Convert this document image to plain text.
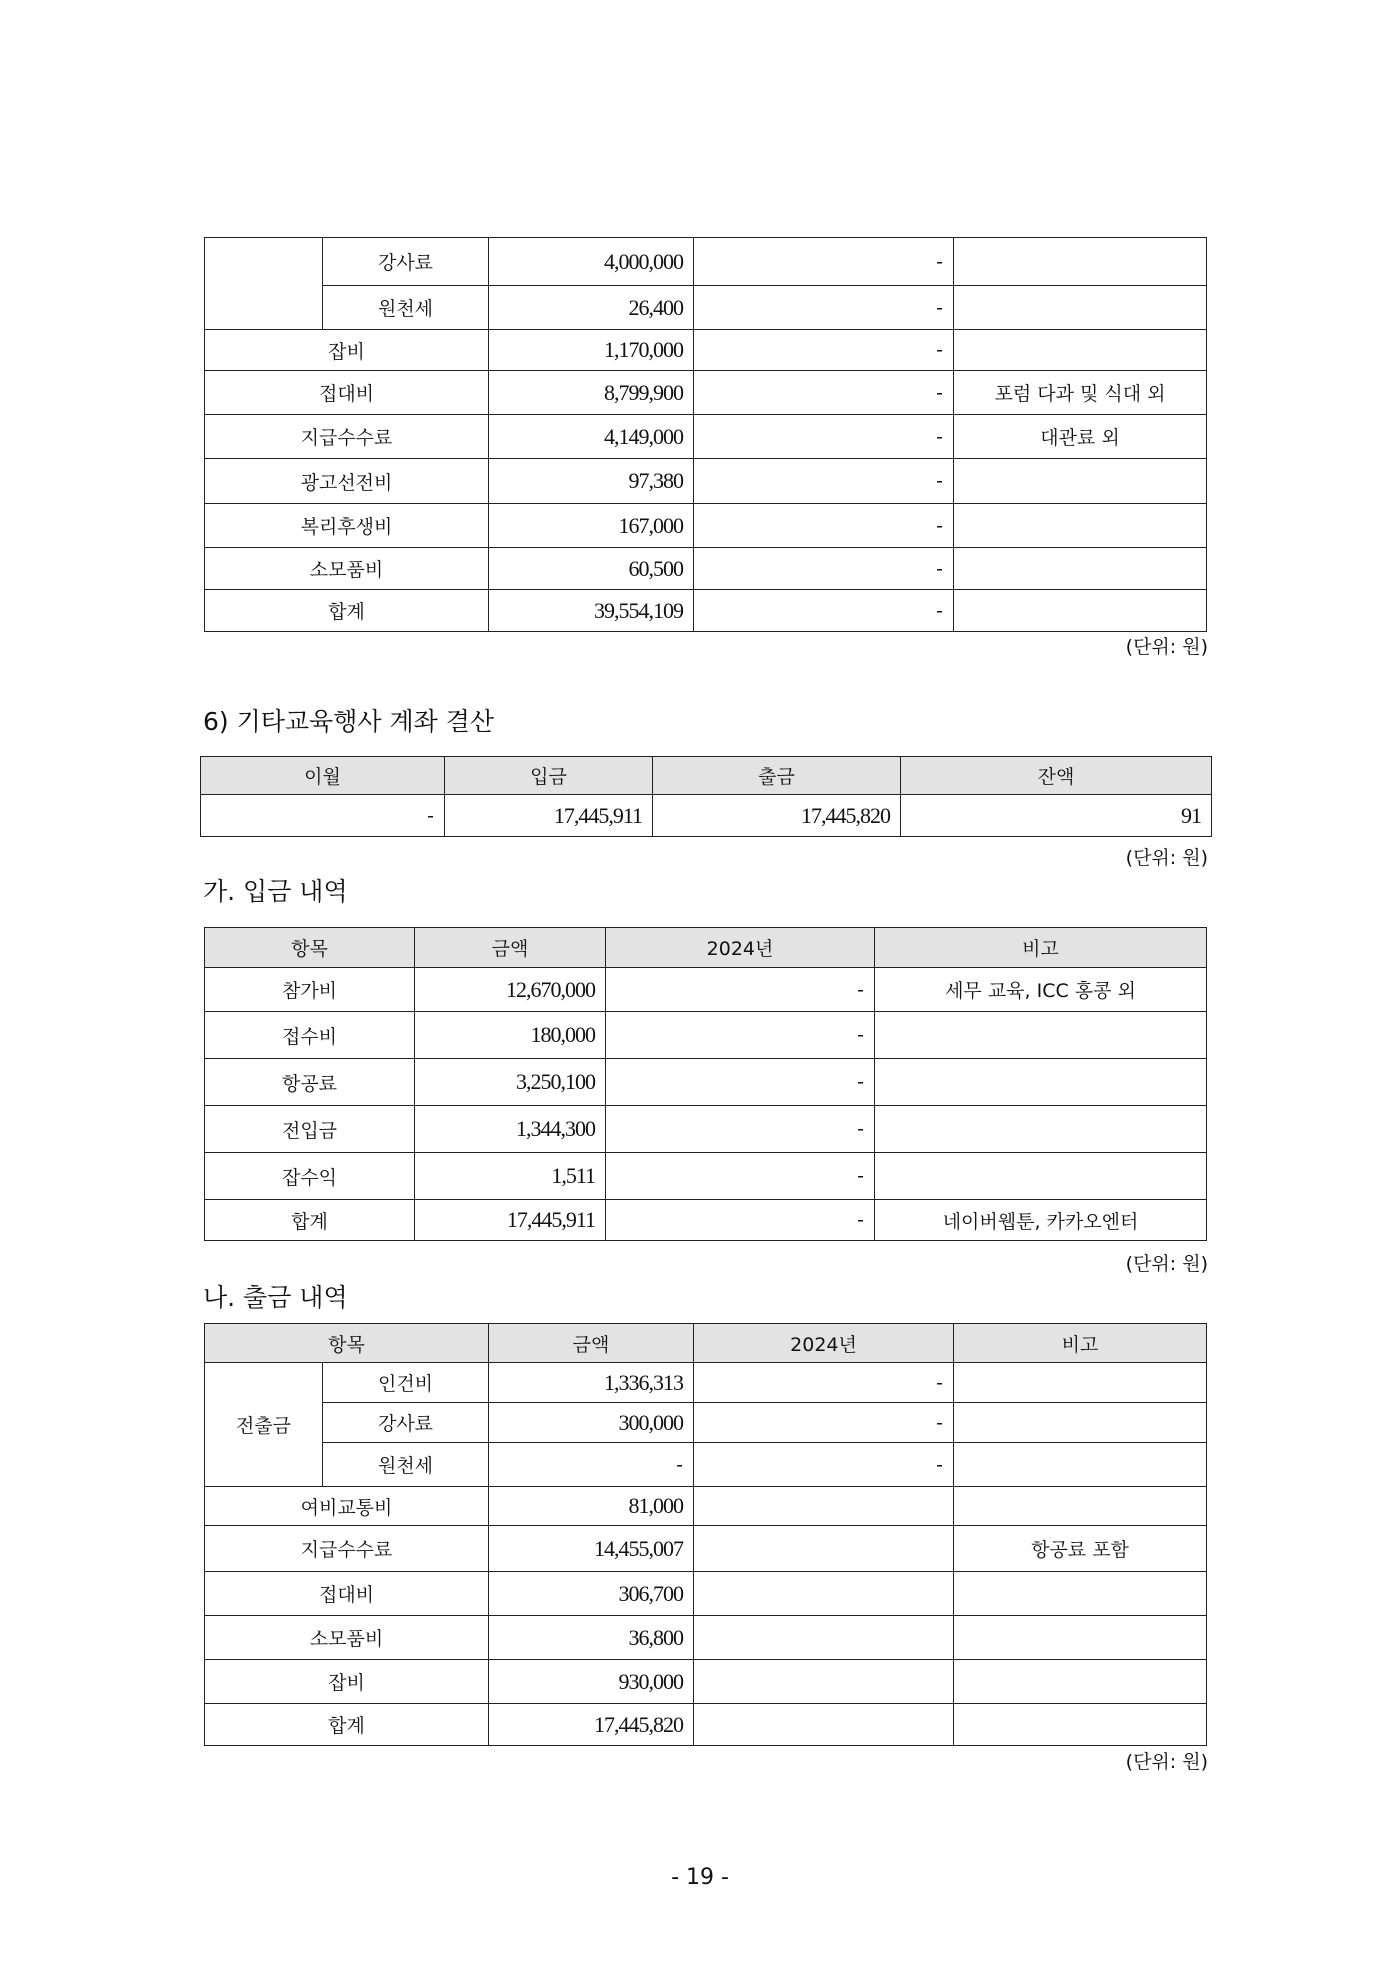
	강사료	4,000,000	-	
	원천세	26,400	-	
잡비		1,170,000	-	
접대비		8,799,900	-	포럼 다과 및 식대 외
지급수수료		4,149,000	-	대관료 외
광고선전비		97,380	-	
복리후생비		167,000	-	
소모품비		60,500	-	
합계		39,554,109	-	
(단위: 원)
6) 기타교육행사 계좌 결산
이월	입금	출금	잔액
-	17,445,911	17,445,820	91
(단위: 원)
가. 입금 내역
항목	금액	2024년	비고
참가비	12,670,000	-	세무 교육, ICC 홍콩 외
접수비	180,000	-	
항공료	3,250,100	-	
전입금	1,344,300	-	
잡수익	1,511	-	
합계	17,445,911	-	네이버웹툰, 카카오엔터
(단위: 원)
나. 출금 내역
항목		금액	2024년	비고
전출금	인건비	1,336,313	-	
	강사료	300,000	-	
	원천세	-	-	
여비교통비		81,000		
지급수수료		14,455,007		항공료 포함
접대비		306,700		
소모품비		36,800		
잡비		930,000		
합계		17,445,820		
(단위: 원)
- 19 -
